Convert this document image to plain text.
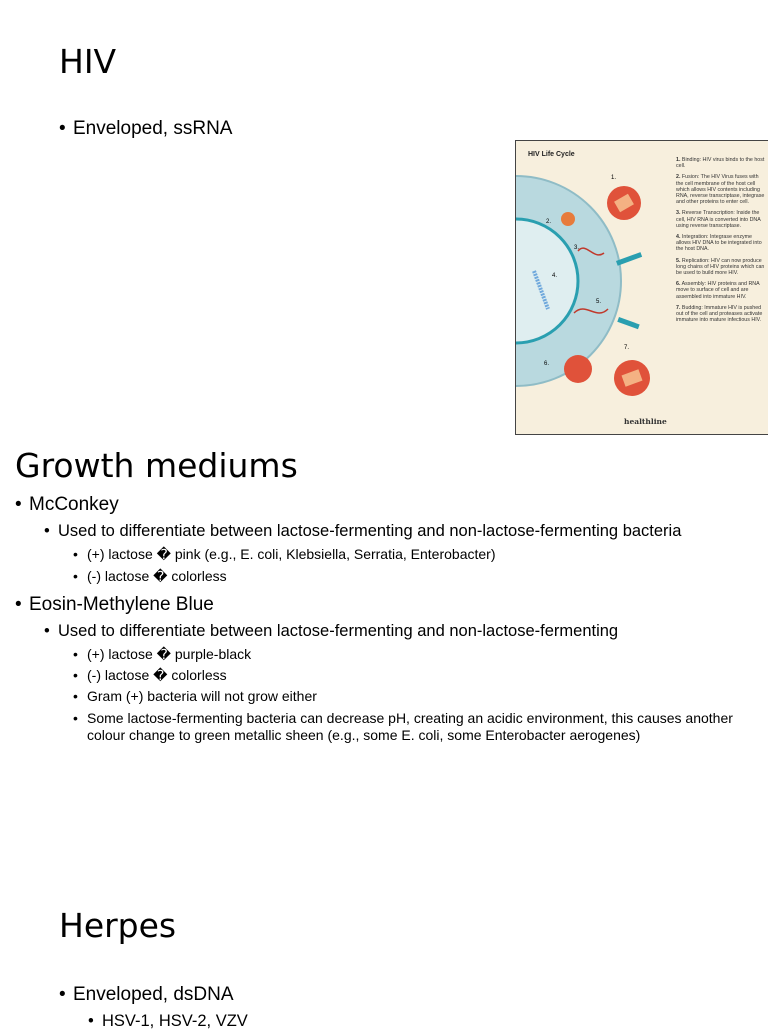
HIV
• Enveloped, ssRNA
HIV Life Cycle
1.
2.
3.
4.
5.
6.
7.

1. Binding: HIV virus binds to the host cell.

2. Fusion: The HIV Virus fuses with the cell membrane of the host cell which allows HIV contents including RNA, reverse transcriptase, integrase and other proteins to enter cell.

3. Reverse Transcription: Inside the cell, HIV RNA is converted into DNA using reverse transcriptase.

4. Integration: Integrase enzyme allows HIV DNA to be integrated into the host DNA.

5. Replication: HIV can now produce long chains of HIV proteins which can be used to build more HIV.

6. Assembly: HIV proteins and RNA move to surface of cell and are assembled into immature HIV.

7. Budding: Immature HIV is pushed out of the cell and proteases activate immature into mature infectious HIV.

healthline
Growth mediums
• McConkey
• Used to differentiate between lactose-fermenting and non-lactose-fermenting bacteria
• (+) lactose � pink (e.g., E. coli, Klebsiella, Serratia, Enterobacter)
• (-) lactose � colorless
• Eosin-Methylene Blue
• Used to differentiate between lactose-fermenting and non-lactose-fermenting
• (+) lactose � purple-black
• (-) lactose � colorless
• Gram (+) bacteria will not grow either
• Some lactose-fermenting bacteria can decrease pH, creating an acidic environment, this causes another colour change to green metallic sheen (e.g., some E. coli, some Enterobacter aerogenes)
Herpes
• Enveloped, dsDNA
• HSV-1, HSV-2, VZV
